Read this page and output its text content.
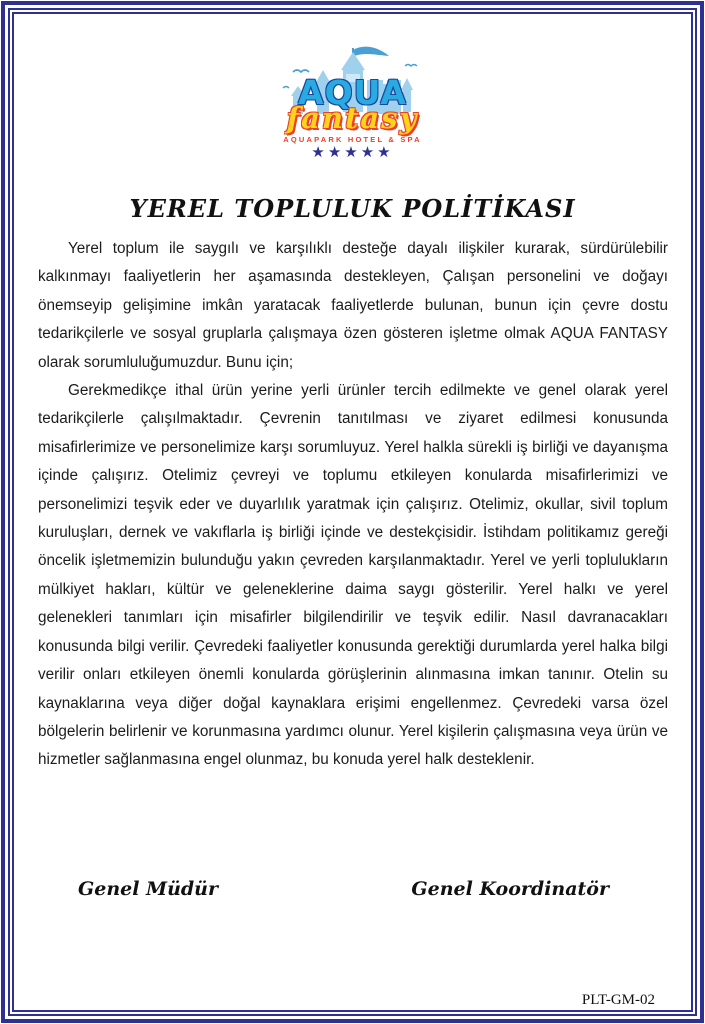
AQUA
fantasy
AQUAPARK HOTEL & SPA
★★★★★
YEREL TOPLULUK POLİTİKASI

Yerel toplum ile saygılı ve karşılıklı desteğe dayalı ilişkiler kurarak, sürdürülebilir kalkınmayı faaliyetlerin her aşamasında destekleyen, Çalışan personelini ve doğayı önemseyip gelişimine imkân yaratacak faaliyetlerde bulunan, bunun için çevre dostu tedarikçilerle ve sosyal gruplarla çalışmaya özen gösteren işletme olmak AQUA FANTASY olarak sorumluluğumuzdur. Bunu için;

Gerekmedikçe ithal ürün yerine yerli ürünler tercih edilmekte ve genel olarak yerel tedarikçilerle çalışılmaktadır. Çevrenin tanıtılması ve ziyaret edilmesi konusunda misafirlerimize ve personelimize karşı sorumluyuz. Yerel halkla sürekli iş birliği ve dayanışma içinde çalışırız. Otelimiz çevreyi ve toplumu etkileyen konularda misafirlerimizi ve personelimizi teşvik eder ve duyarlılık yaratmak için çalışırız. Otelimiz, okullar, sivil toplum kuruluşları, dernek ve vakıflarla iş birliği içinde ve destekçisidir. İstihdam politikamız gereği öncelik işletmemizin bulunduğu yakın çevreden karşılanmaktadır. Yerel ve yerli toplulukların mülkiyet hakları, kültür ve geleneklerine daima saygı gösterilir. Yerel halkı ve yerel gelenekleri tanımları için misafirler bilgilendirilir ve teşvik edilir. Nasıl davranacakları konusunda bilgi verilir. Çevredeki faaliyetler konusunda gerektiği durumlarda yerel halka bilgi verilir onları etkileyen önemli konularda görüşlerinin alınmasına imkan tanınır. Otelin su kaynaklarına veya diğer doğal kaynaklara erişimi engellenmez. Çevredeki varsa özel bölgelerin belirlenir ve korunmasına yardımcı olunur. Yerel kişilerin çalışmasına veya ürün ve hizmetler sağlanmasına engel olunmaz, bu konuda yerel halk desteklenir.

Genel Müdür	Genel Koordinatör
PLT-GM-02
